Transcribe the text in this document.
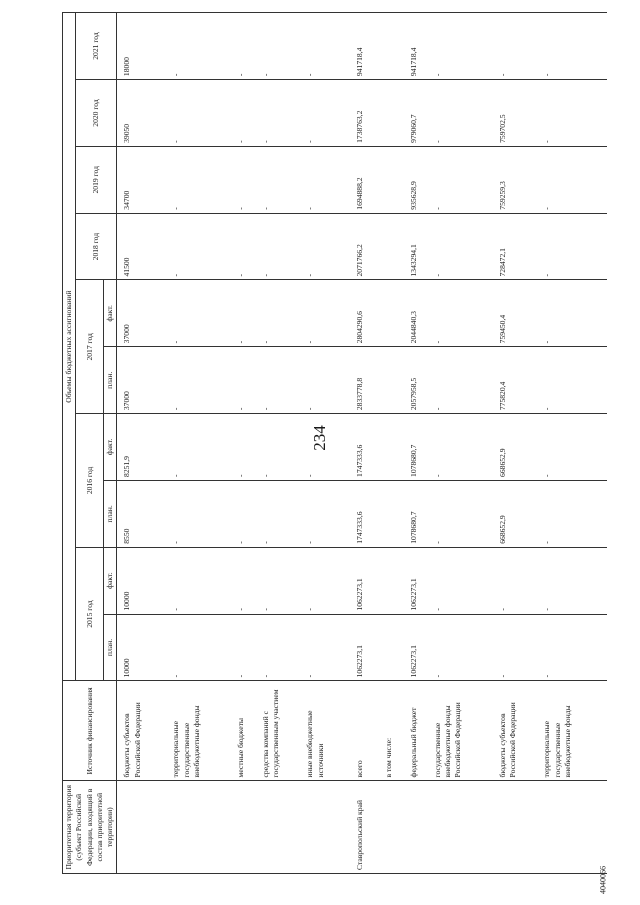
234
4040066
Приоритетная территория (субъект Российской Федерации, входящий в состав приоритетной территории)	Источник финансирования	Объемы бюджетных ассигнований									
		2015 год		2016 год		2017 год		2018 год	2019 год	2020 год	2021 год
		план.	факт.	план.	факт.	план.	факт.				
	бюджеты субъектов Российской Федерации	10000	10000	8550	8251,9	37000	37000	41500	34700	39050	18000
	территориальные государственные внебюджетные фонды	-	-	-	-	-	-	-	-	-	-
	местные бюджеты	-	-	-	-	-	-	-	-	-	-
	средства компаний с государственным участием	-	-	-	-	-	-	-	-	-	-
	иные внебюджетные источники	-	-	-	-	-	-	-	-	-	-
Ставропольский край	всего	1062273,1	1062273,1	1747333,6	1747333,6	2833778,8	2804290,6	2071766,2	1694888,2	1738763,2	941718,4
	в том числе:										
	федеральный бюджет	1062273,1	1062273,1	1078680,7	1078680,7	2057958,5	2044840,3	1343294,1	935628,9	979060,7	941718,4
	государственные внебюджетные фонды Российской Федерации	-	-	-	-	-	-	-	-	-	-
	бюджеты субъектов Российской Федерации	-	-	668652,9	668652,9	775820,4	759450,4	728472,1	759259,3	759702,5	-
	территориальные государственные внебюджетные фонды	-	-	-	-	-	-	-	-	-	-
